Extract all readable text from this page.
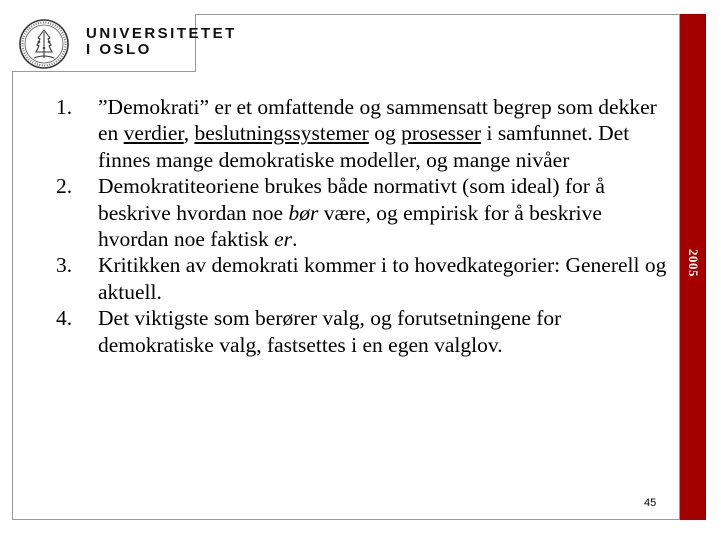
UNIVERSITETET
I OSLO
2005
1. ”Demokrati” er et omfattende og sammensatt begrep som dekker en verdier, beslutningssystemer og prosesser i samfunnet. Det finnes mange demokratiske modeller, og mange nivåer
2. Demokratiteoriene brukes både normativt (som ideal) for å beskrive hvordan noe bør være, og empirisk for å beskrive hvordan noe faktisk er.
3. Kritikken av demokrati kommer i to hovedkategorier: Generell og aktuell.
4. Det viktigste som berører valg, og forutsetningene for demokratiske valg, fastsettes i en egen valglov.
45
